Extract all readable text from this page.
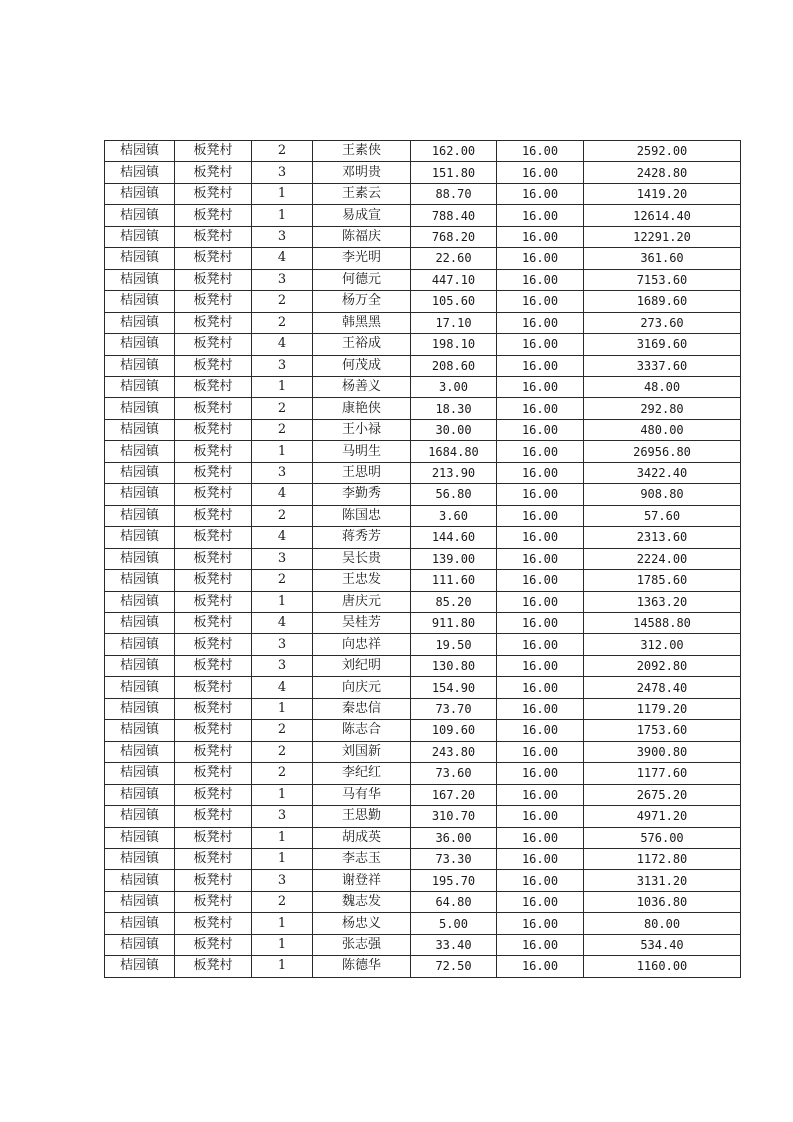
桔园镇	板凳村	2	王素侠	162.00	16.00	2592.00
桔园镇	板凳村	3	邓明贵	151.80	16.00	2428.80
桔园镇	板凳村	1	王素云	88.70	16.00	1419.20
桔园镇	板凳村	1	易成宣	788.40	16.00	12614.40
桔园镇	板凳村	3	陈福庆	768.20	16.00	12291.20
桔园镇	板凳村	4	李光明	22.60	16.00	361.60
桔园镇	板凳村	3	何德元	447.10	16.00	7153.60
桔园镇	板凳村	2	杨万全	105.60	16.00	1689.60
桔园镇	板凳村	2	韩黑黑	17.10	16.00	273.60
桔园镇	板凳村	4	王裕成	198.10	16.00	3169.60
桔园镇	板凳村	3	何茂成	208.60	16.00	3337.60
桔园镇	板凳村	1	杨善义	3.00	16.00	48.00
桔园镇	板凳村	2	康艳侠	18.30	16.00	292.80
桔园镇	板凳村	2	王小禄	30.00	16.00	480.00
桔园镇	板凳村	1	马明生	1684.80	16.00	26956.80
桔园镇	板凳村	3	王思明	213.90	16.00	3422.40
桔园镇	板凳村	4	李勤秀	56.80	16.00	908.80
桔园镇	板凳村	2	陈国忠	3.60	16.00	57.60
桔园镇	板凳村	4	蒋秀芳	144.60	16.00	2313.60
桔园镇	板凳村	3	吴长贵	139.00	16.00	2224.00
桔园镇	板凳村	2	王忠发	111.60	16.00	1785.60
桔园镇	板凳村	1	唐庆元	85.20	16.00	1363.20
桔园镇	板凳村	4	吴桂芳	911.80	16.00	14588.80
桔园镇	板凳村	3	向忠祥	19.50	16.00	312.00
桔园镇	板凳村	3	刘纪明	130.80	16.00	2092.80
桔园镇	板凳村	4	向庆元	154.90	16.00	2478.40
桔园镇	板凳村	1	秦忠信	73.70	16.00	1179.20
桔园镇	板凳村	2	陈志合	109.60	16.00	1753.60
桔园镇	板凳村	2	刘国新	243.80	16.00	3900.80
桔园镇	板凳村	2	李纪红	73.60	16.00	1177.60
桔园镇	板凳村	1	马有华	167.20	16.00	2675.20
桔园镇	板凳村	3	王思勤	310.70	16.00	4971.20
桔园镇	板凳村	1	胡成英	36.00	16.00	576.00
桔园镇	板凳村	1	李志玉	73.30	16.00	1172.80
桔园镇	板凳村	3	谢登祥	195.70	16.00	3131.20
桔园镇	板凳村	2	魏志发	64.80	16.00	1036.80
桔园镇	板凳村	1	杨忠义	5.00	16.00	80.00
桔园镇	板凳村	1	张志强	33.40	16.00	534.40
桔园镇	板凳村	1	陈德华	72.50	16.00	1160.00
